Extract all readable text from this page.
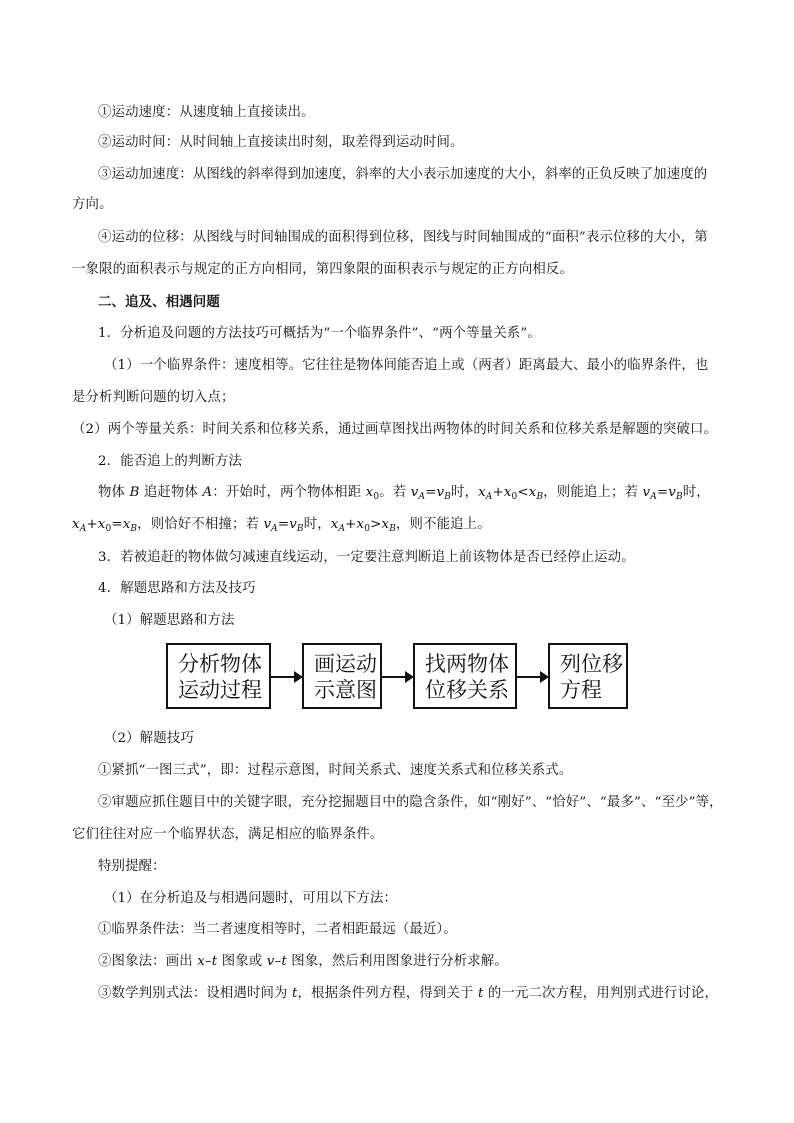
①运动速度：从速度轴上直接读出。
②运动时间：从时间轴上直接读出时刻，取差得到运动时间。
③运动加速度：从图线的斜率得到加速度，斜率的大小表示加速度的大小，斜率的正负反映了加速度的
方向。
④运动的位移：从图线与时间轴围成的面积得到位移，图线与时间轴围成的“面积”表示位移的大小，第
一象限的面积表示与规定的正方向相同，第四象限的面积表示与规定的正方向相反。
二、追及、相遇问题
1．分析追及问题的方法技巧可概括为“一个临界条件”、“两个等量关系”。
（1）一个临界条件：速度相等。它往往是物体间能否追上或（两者）距离最大、最小的临界条件，也
是分析判断问题的切入点；
（2）两个等量关系：时间关系和位移关系，通过画草图找出两物体的时间关系和位移关系是解题的突破口。
2．能否追上的判断方法
物体 B 追赶物体 A：开始时，两个物体相距 $x_0$。若 $v_A=v_B$时，$x_A+x_0<x_B$，则能追上；若 $v_A=v_B$时，
$x_A+x_0=x_B$，则恰好不相撞；若 $v_A=v_B$时，$x_A+x_0>x_B$，则不能追上。
3．若被追赶的物体做匀减速直线运动，一定要注意判断追上前该物体是否已经停止运动。
4．解题思路和方法及技巧
（1）解题思路和方法
分析物体
运动过程
画运动
示意图
找两物体
位移关系
列位移
方程
（2）解题技巧
①紧抓“一图三式”，即：过程示意图，时间关系式、速度关系式和位移关系式。
②审题应抓住题目中的关键字眼，充分挖掘题目中的隐含条件，如“刚好”、“恰好”、“最多”、“至少”等，
它们往往对应一个临界状态，满足相应的临界条件。
特别提醒：
（1）在分析追及与相遇问题时，可用以下方法：
①临界条件法：当二者速度相等时，二者相距最远（最近）。
②图象法：画出 x–t 图象或 v–t 图象，然后利用图象进行分析求解。
③数学判别式法：设相遇时间为 t，根据条件列方程，得到关于 t 的一元二次方程，用判别式进行讨论，
